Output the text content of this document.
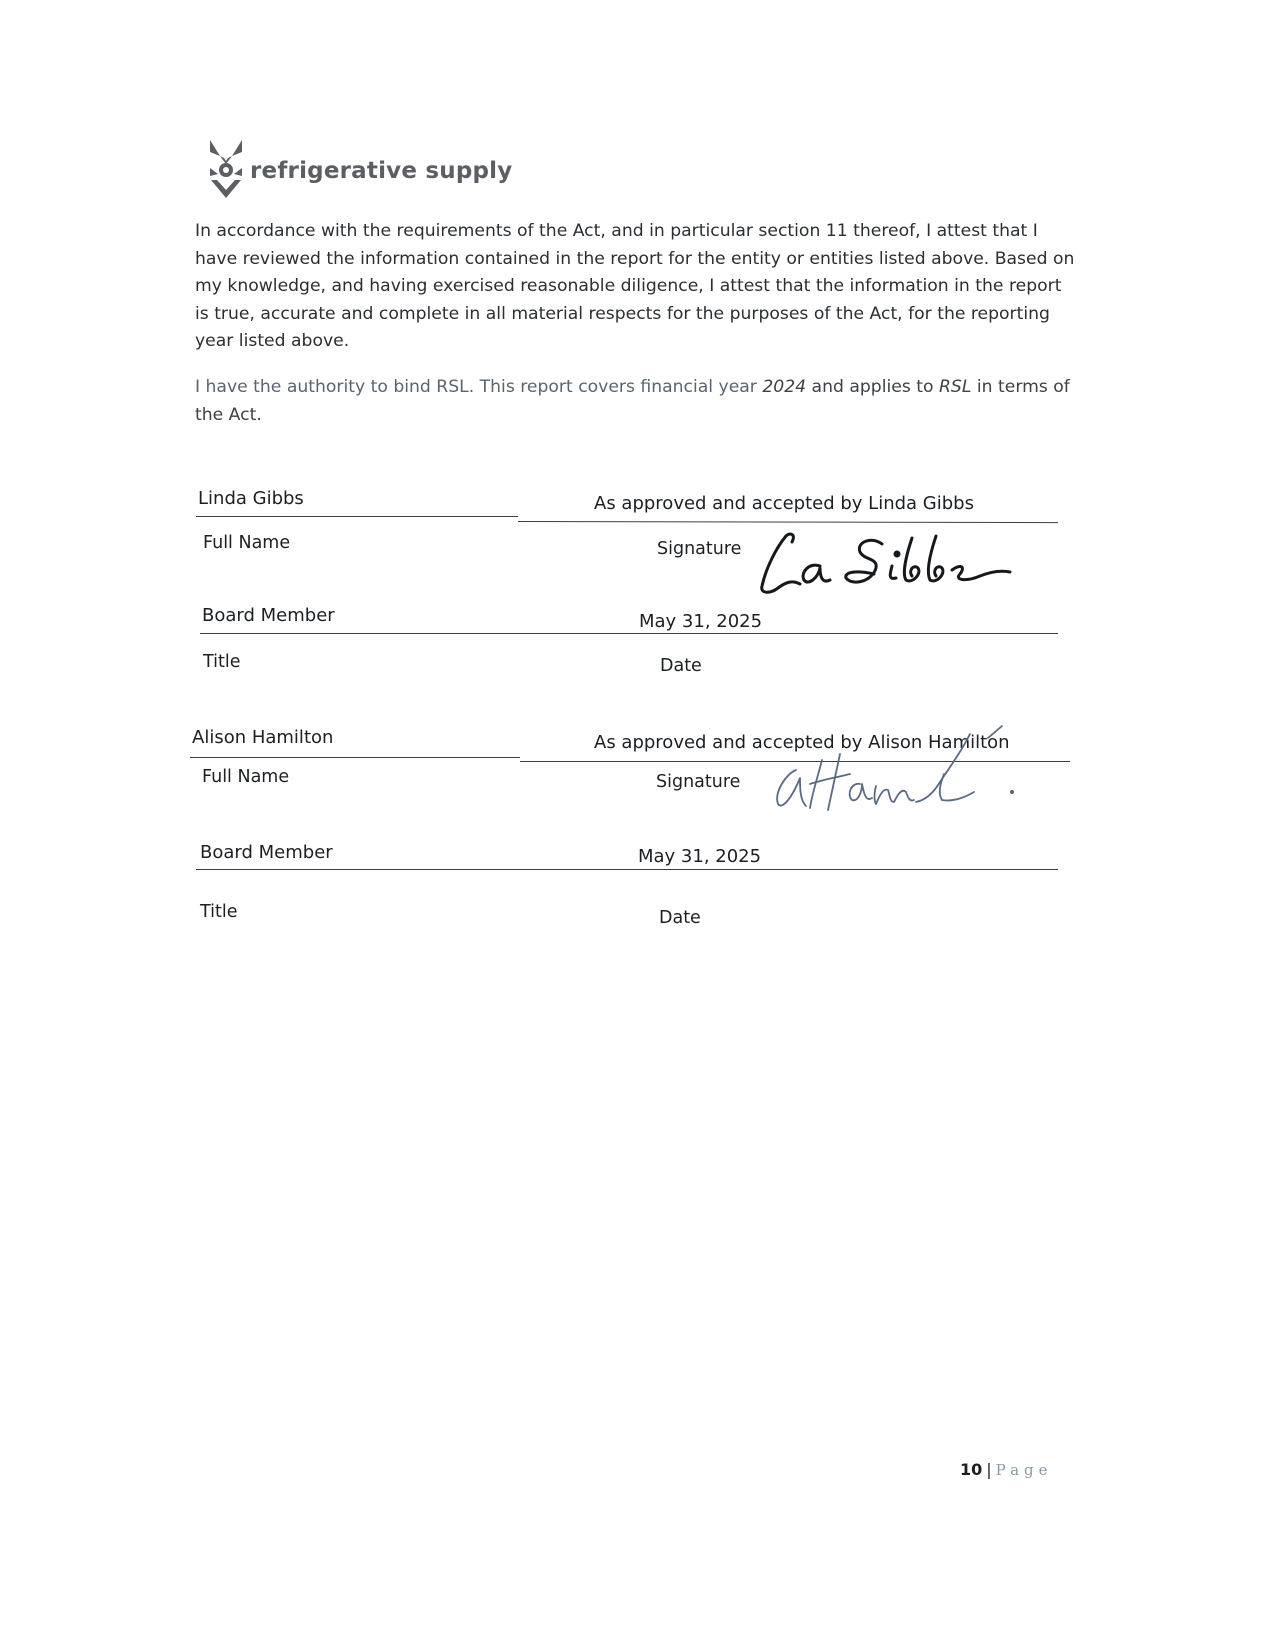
refrigerative supply

In accordance with the requirements of the Act, and in particular section 11 thereof, I attest that I have reviewed the information contained in the report for the entity or entities listed above. Based on my knowledge, and having exercised reasonable diligence, I attest that the information in the report is true, accurate and complete in all material respects for the purposes of the Act, for the reporting year listed above.

I have the authority to bind RSL. This report covers financial year 2024 and applies to RSL in terms of the Act.

Linda Gibbs
Full Name
As approved and accepted by Linda Gibbs
Signature
Board Member
Title
May 31, 2025
Date
Alison Hamilton
Full Name
As approved and accepted by Alison Hamilton
Signature
Board Member
Title
May 31, 2025
Date
10 | Page
